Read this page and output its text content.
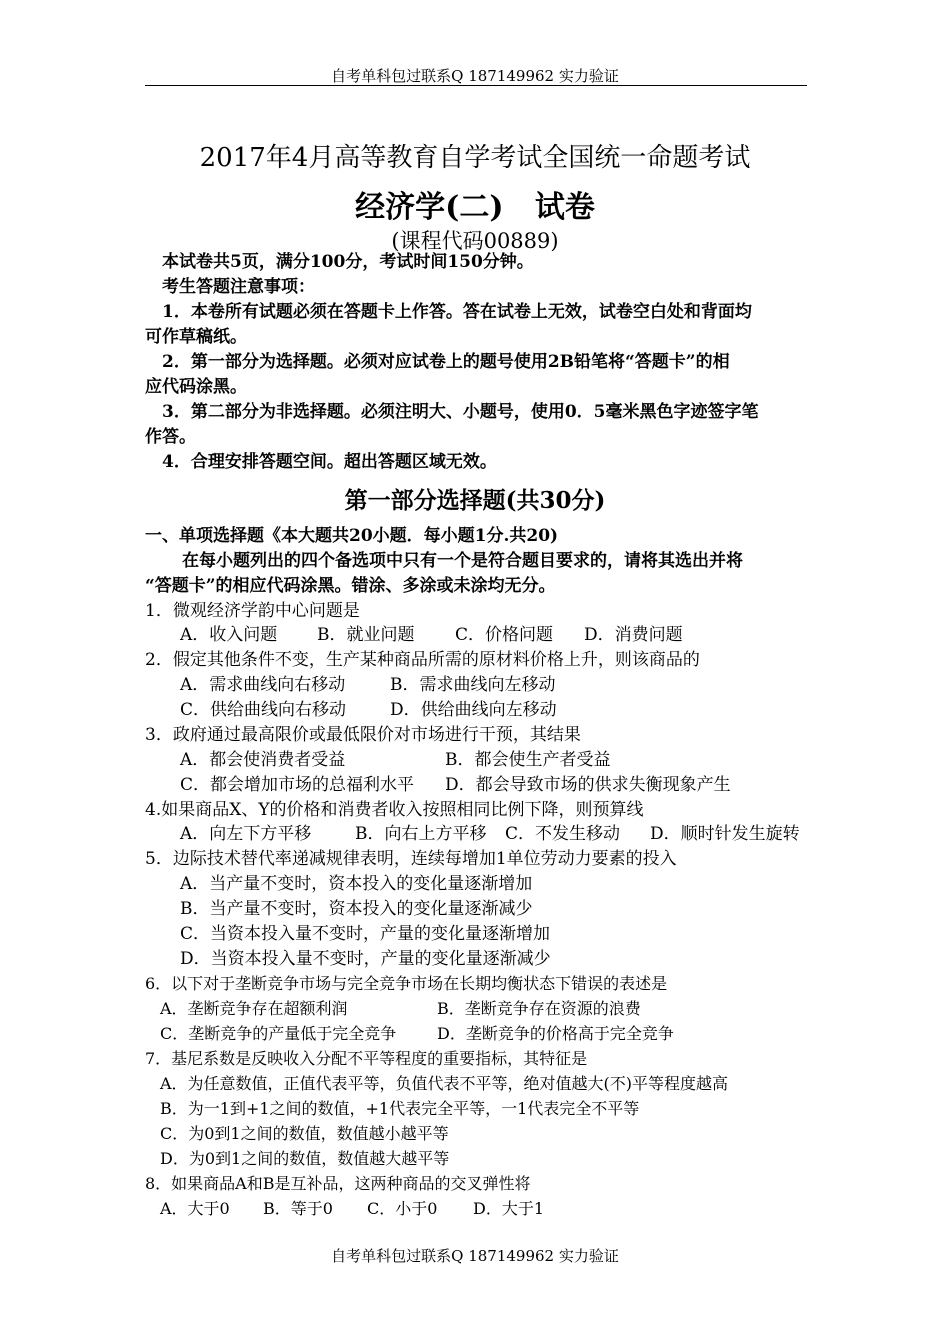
自考单科包过联系Q 187149962 实力验证
2017年4月高等教育自学考试全国统一命题考试
经济学(二)   试卷
(课程代码00889)
本试卷共5页，满分100分，考试时间150分钟。
考生答题注意事项：
1．本卷所有试题必须在答题卡上作答。答在试卷上无效，试卷空白处和背面均
可作草稿纸。
2．第一部分为选择题。必须对应试卷上的题号使用2B铅笔将“答题卡”的相
应代码涂黑。
3．第二部分为非选择题。必须注明大、小题号，使用0．5毫米黑色字迹签字笔
作答。
4．合理安排答题空间。超出答题区域无效。
第一部分选择题(共30分)
一、单项选择题《本大题共20小题．每小题1分.共20)
在每小题列出的四个备选项中只有一个是符合题目要求的，请将其选出并将
“答题卡”的相应代码涂黑。错涂、多涂或未涂均无分。
1．微观经济学韵中心问题是
A．收入问题 B．就业问题 C．价格问题 D．消费问题
2．假定其他条件不变，生产某种商品所需的原材料价格上升，则该商品的
A．需求曲线向右移动	B．需求曲线向左移动
C．供给曲线向右移动	D．供给曲线向左移动
3．政府通过最高限价或最低限价对市场进行干预，其结果
A．都会使消费者受益	B．都会使生产者受益
C．都会增加市场的总福利水平 D．都会导致市场的供求失衡现象产生
4.如果商品X、Y的价格和消费者收入按照相同比例下降，则预算线
A．向左下方平移	B．向右上方平移 C．不发生移动 D．顺时针发生旋转
5．边际技术替代率递减规律表明，连续每增加1单位劳动力要素的投入
A．当产量不变时，资本投入的变化量逐渐增加
B．当产量不变时，资本投入的变化量逐渐减少
C．当资本投入量不变时，产量的变化量逐渐增加
D．当资本投入量不变时，产量的变化量逐渐减少
6．以下对于垄断竞争市场与完全竞争市场在长期均衡状态下错误的表述是
A．垄断竞争存在超额利润	B．垄断竞争存在资源的浪费
C．垄断竞争的产量低于完全竞争	D．垄断竞争的价格高于完全竞争
7．基尼系数是反映收入分配不平等程度的重要指标，其特征是
A．为任意数值，正值代表平等，负值代表不平等，绝对值越大(不)平等程度越高
B．为一1到+1之间的数值，+1代表完全平等，一1代表完全不平等
C．为0到1之间的数值，数值越小越平等
D．为0到1之间的数值，数值越大越平等
8．如果商品A和B是互补品，这两种商品的交叉弹性将
A．大于0 B．等于0 C．小于0 D．大于1
自考单科包过联系Q 187149962 实力验证
